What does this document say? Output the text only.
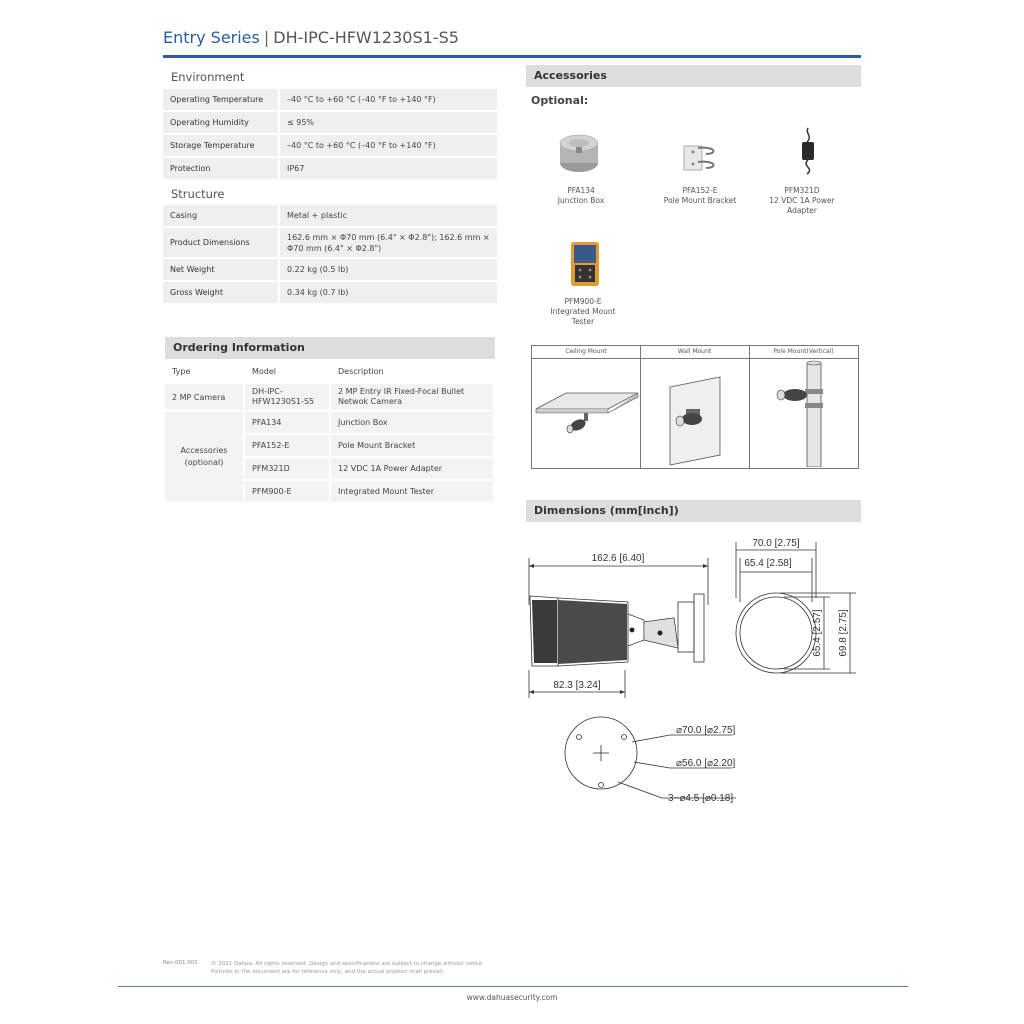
Entry Series | DH-IPC-HFW1230S1-S5
Environment
Operating Temperature	–40 °C to +60 °C (–40 °F to +140 °F)
Operating Humidity	≤ 95%
Storage Temperature	–40 °C to +60 °C (–40 °F to +140 °F)
Protection	IP67
Structure
Casing	Metal + plastic
Product Dimensions	162.6 mm × Φ70 mm (6.4" × Φ2.8"); 162.6 mm × Φ70 mm (6.4" × Φ2.8")
Net Weight	0.22 kg (0.5 lb)
Gross Weight	0.34 kg (0.7 lb)
Ordering Information
Type	Model	Description
2 MP Camera	DH-IPC-HFW1230S1-S5	2 MP Entry IR Fixed-Focal Bullet Netwok Camera
Accessories (optional)	PFA134	Junction Box
	PFA152-E	Pole Mount Bracket
	PFM321D	12 VDC 1A Power Adapter
	PFM900-E	Integrated Mount Tester
Accessories
Optional:
PFA134
Junction Box
PFA152-E
Pole Mount Bracket
PFM321D
12 VDC 1A Power Adapter
PFM900-E
Integrated Mount Tester
Ceiling Mount	Wall Mount	Pole Mount(Vertical)
Dimensions (mm[inch])
162.6 [6.40]
82.3 [3.24]
70.0 [2.75]
65.4 [2.58]
65.4 [2.57] 69.8 [2.75]
⌀70.0 [⌀2.75]
⌀56.0 [⌀2.20]
3−⌀4.5 [⌀0.18]
Rev 001.001 © 2021 Dahua. All rights reserved. Design and specifications are subject to change without notice.
Pictures in the document are for reference only, and the actual product shall prevail.
www.dahuasecurity.com
